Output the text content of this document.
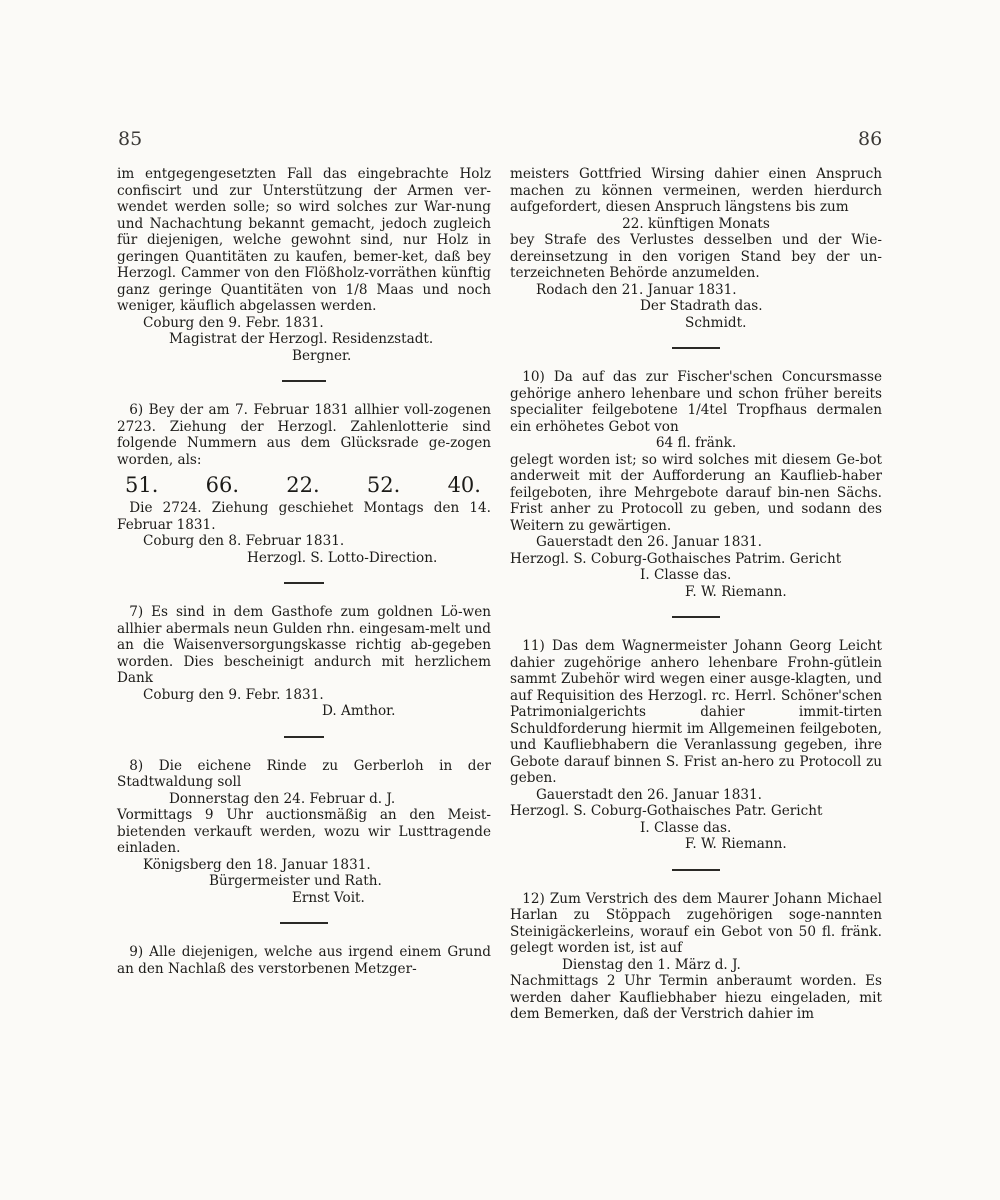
85	86

im entgegengesetzten Fall das eingebrachte Holz confiscirt und zur Unterstützung der Armen ver-wendet werden solle; so wird solches zur War-nung und Nachachtung bekannt gemacht, jedoch zugleich für diejenigen, welche gewohnt sind, nur Holz in geringen Quantitäten zu kaufen, bemer-ket, daß bey Herzogl. Cammer von den Flößholz-vorräthen künftig ganz geringe Quantitäten von 1/8 Maas und noch weniger, käuflich abgelassen werden.

Coburg den 9. Febr. 1831.

Magistrat der Herzogl. Residenzstadt.

Bergner.

6) Bey der am 7. Februar 1831 allhier voll-zogenen 2723. Ziehung der Herzogl. Zahlenlotterie sind folgende Nummern aus dem Glücksrade ge-zogen worden, als:

51. 66. 22. 52. 40.

Die 2724. Ziehung geschiehet Montags den 14. Februar 1831.

Coburg den 8. Februar 1831.

Herzogl. S. Lotto-Direction.

7) Es sind in dem Gasthofe zum goldnen Lö-wen allhier abermals neun Gulden rhn. eingesam-melt und an die Waisenversorgungskasse richtig ab-gegeben worden. Dies bescheinigt andurch mit herzlichem Dank

Coburg den 9. Febr. 1831.

D. Amthor.

8) Die eichene Rinde zu Gerberloh in der Stadtwaldung soll

Donnerstag den 24. Februar d. J.

Vormittags 9 Uhr auctionsmäßig an den Meist-bietenden verkauft werden, wozu wir Lusttragende einladen.

Königsberg den 18. Januar 1831.

Bürgermeister und Rath.

Ernst Voit.

9) Alle diejenigen, welche aus irgend einem Grund an den Nachlaß des verstorbenen Metzger-

meisters Gottfried Wirsing dahier einen Anspruch machen zu können vermeinen, werden hierdurch aufgefordert, diesen Anspruch längstens bis zum

22. künftigen Monats

bey Strafe des Verlustes desselben und der Wie-dereinsetzung in den vorigen Stand bey der un-terzeichneten Behörde anzumelden.

Rodach den 21. Januar 1831.

Der Stadrath das.

Schmidt.

10) Da auf das zur Fischer'schen Concursmasse gehörige anhero lehenbare und schon früher bereits specialiter feilgebotene 1/4tel Tropfhaus dermalen ein erhöhetes Gebot von

64 fl. fränk.

gelegt worden ist; so wird solches mit diesem Ge-bot anderweit mit der Aufforderung an Kauflieb-haber feilgeboten, ihre Mehrgebote darauf bin-nen Sächs. Frist anher zu Protocoll zu geben, und sodann des Weitern zu gewärtigen.

Gauerstadt den 26. Januar 1831.

Herzogl. S. Coburg-Gothaisches Patrim. Gericht

I. Classe das.

F. W. Riemann.

11) Das dem Wagnermeister Johann Georg Leicht dahier zugehörige anhero lehenbare Frohn-gütlein sammt Zubehör wird wegen einer ausge-klagten, und auf Requisition des Herzogl. rc. Herrl. Schöner'schen Patrimonialgerichts dahier immit-tirten Schuldforderung hiermit im Allgemeinen feilgeboten, und Kaufliebhabern die Veranlassung gegeben, ihre Gebote darauf binnen S. Frist an-hero zu Protocoll zu geben.

Gauerstadt den 26. Januar 1831.

Herzogl. S. Coburg-Gothaisches Patr. Gericht

I. Classe das.

F. W. Riemann.

12) Zum Verstrich des dem Maurer Johann Michael Harlan zu Stöppach zugehörigen soge-nannten Steinigäckerleins, worauf ein Gebot von 50 fl. fränk. gelegt worden ist, ist auf

Dienstag den 1. März d. J.

Nachmittags 2 Uhr Termin anberaumt worden. Es werden daher Kaufliebhaber hiezu eingeladen, mit dem Bemerken, daß der Verstrich dahier im
